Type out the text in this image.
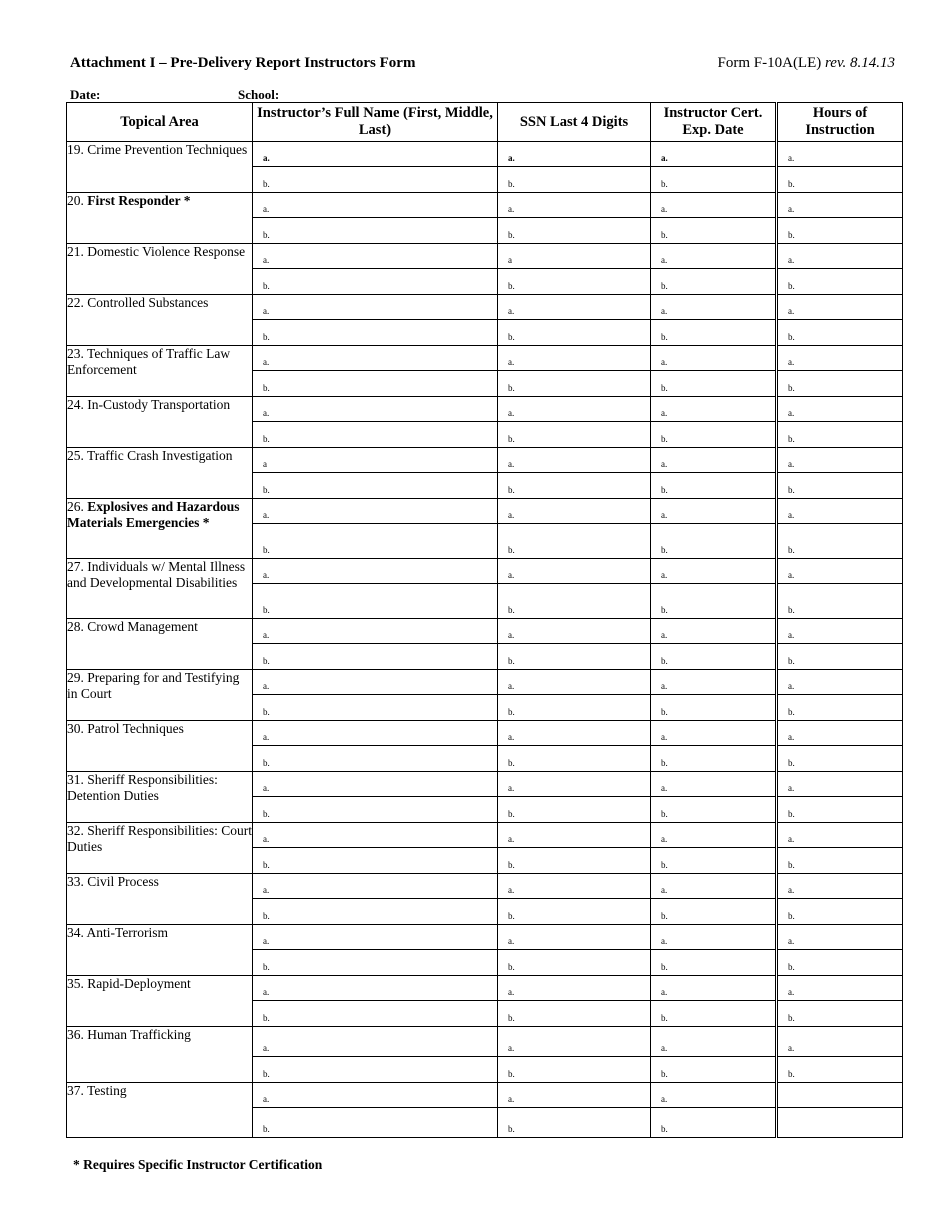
Attachment I – Pre-Delivery Report Instructors Form	Form F-10A(LE) rev. 8.14.13
Date:	School:
Topical Area	Instructor’s Full Name (First, Middle, Last)	SSN Last 4 Digits	Instructor Cert. Exp. Date	Hours of Instruction
19. Crime Prevention Techniques	a.	a.	a.	a.

	b.	b.	b.	b.

20. First Responder *	a.	a.	a.	a.

	b.	b.	b.	b.

21. Domestic Violence Response	a.	a	a.	a.

	b.	b.	b.	b.

22. Controlled Substances	a.	a.	a.	a.

	b.	b.	b.	b.

23. Techniques of Traffic Law Enforcement	a.	a.	a.	a.

	b.	b.	b.	b.

24. In-Custody Transportation	a.	a.	a.	a.

	b.	b.	b.	b.

25. Traffic Crash Investigation	a	a.	a.	a.

	b.	b.	b.	b.

26. Explosives and Hazardous Materials Emergencies *	a.	a.	a.	a.

	b.	b.	b.	b.

27. Individuals w/ Mental Illness and Developmental Disabilities	a.	a.	a.	a.

	b.	b.	b.	b.

28. Crowd Management	a.	a.	a.	a.

	b.	b.	b.	b.

29. Preparing for and Testifying in Court	a.	a.	a.	a.

	b.	b.	b.	b.

30. Patrol Techniques	a.	a.	a.	a.

	b.	b.	b.	b.

31. Sheriff Responsibilities: Detention Duties	a.	a.	a.	a.

	b.	b.	b.	b.

32. Sheriff Responsibilities: Court Duties	a.	a.	a.	a.

	b.	b.	b.	b.

33. Civil Process	a.	a.	a.	a.

	b.	b.	b.	b.

34. Anti-Terrorism	a.	a.	a.	a.

	b.	b.	b.	b.

35. Rapid-Deployment	a.	a.	a.	a.

	b.	b.	b.	b.

36. Human Trafficking	a.	a.	a.	a.

	b.	b.	b.	b.

37. Testing	a.	a.	a.	

	b.	b.	b.	

* Requires Specific Instructor Certification
